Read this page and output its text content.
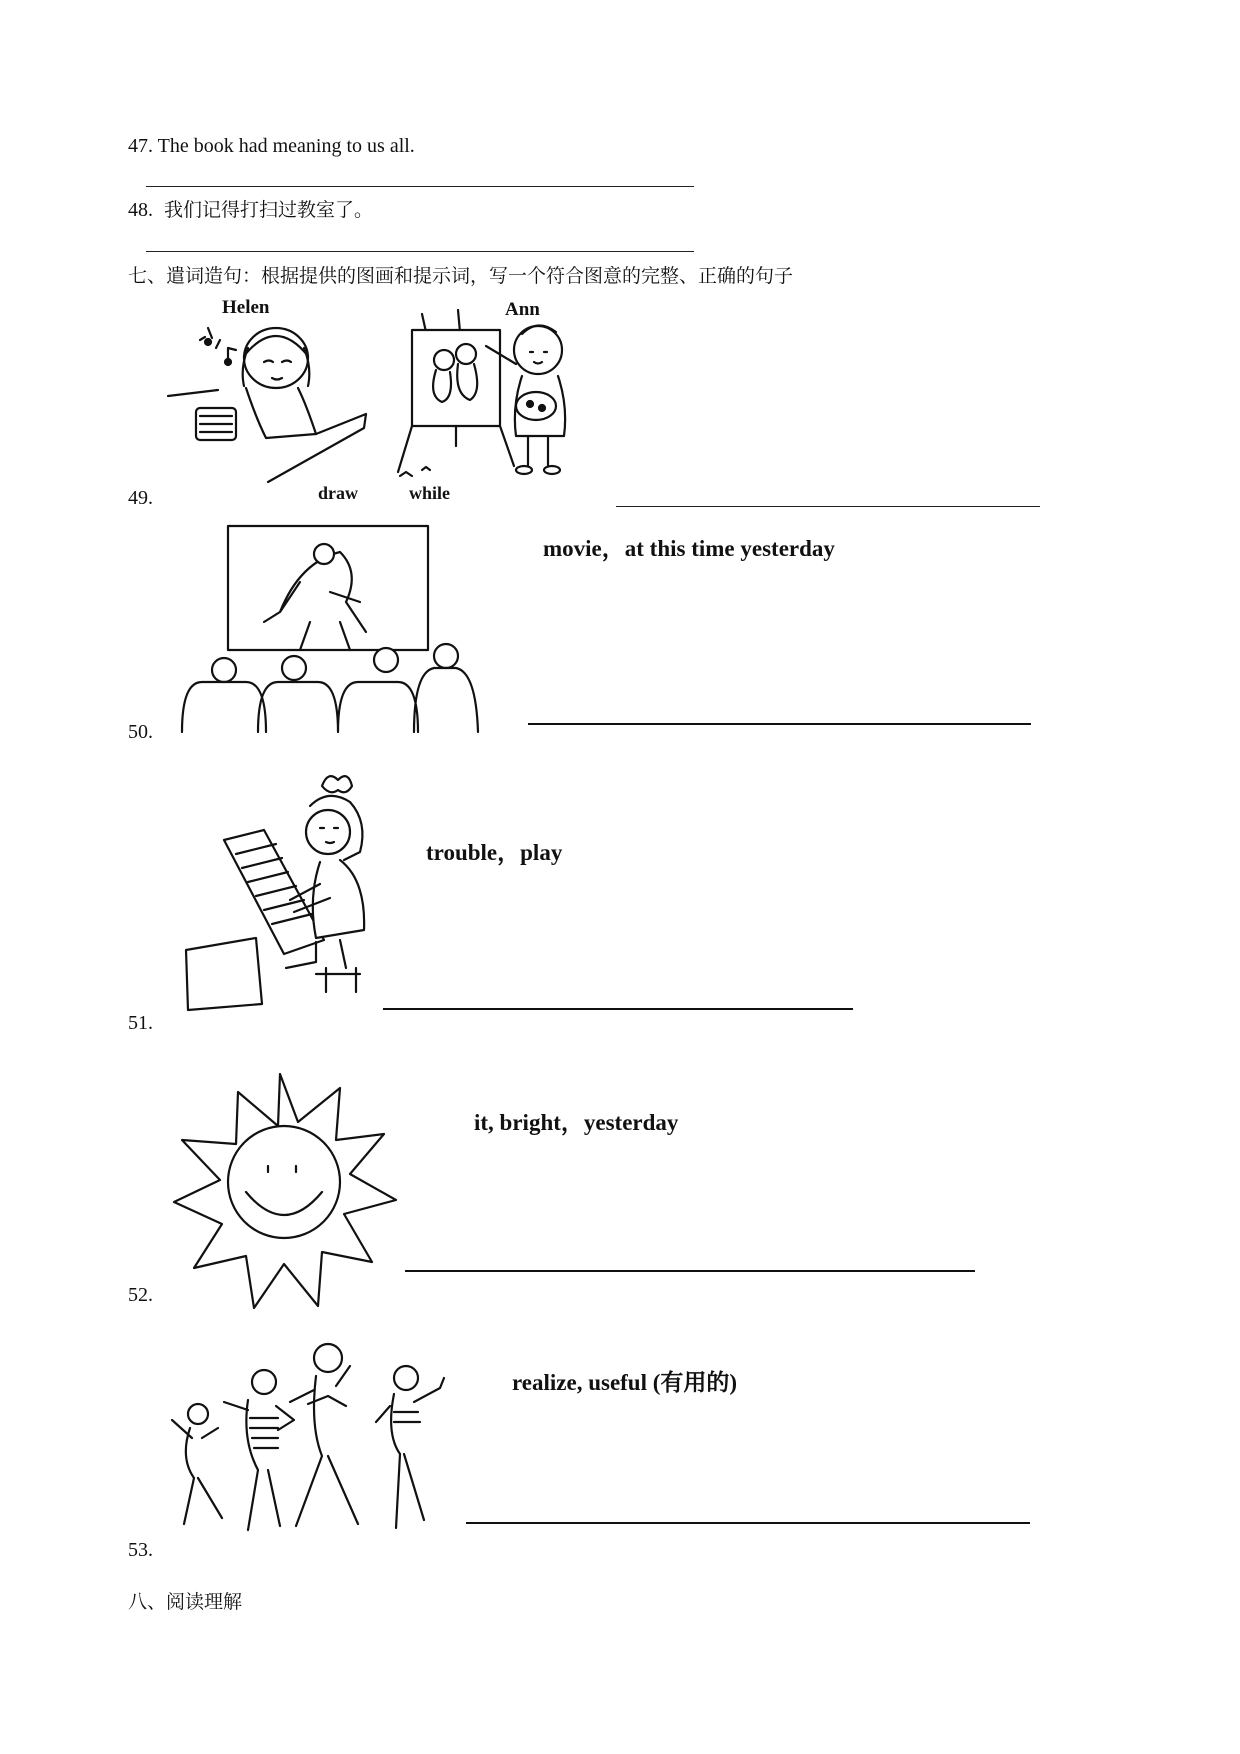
47. The book had meaning to us all.
48. 我们记得打扫过教室了。
七、遣词造句：根据提供的图画和提示词，写一个符合图意的完整、正确的句子
Helen	Ann
draw	while
49.
movie，at this time yesterday
50.
trouble，play
51.
it, bright，yesterday
52.
realize, useful (有用的)
53.
八、阅读理解
